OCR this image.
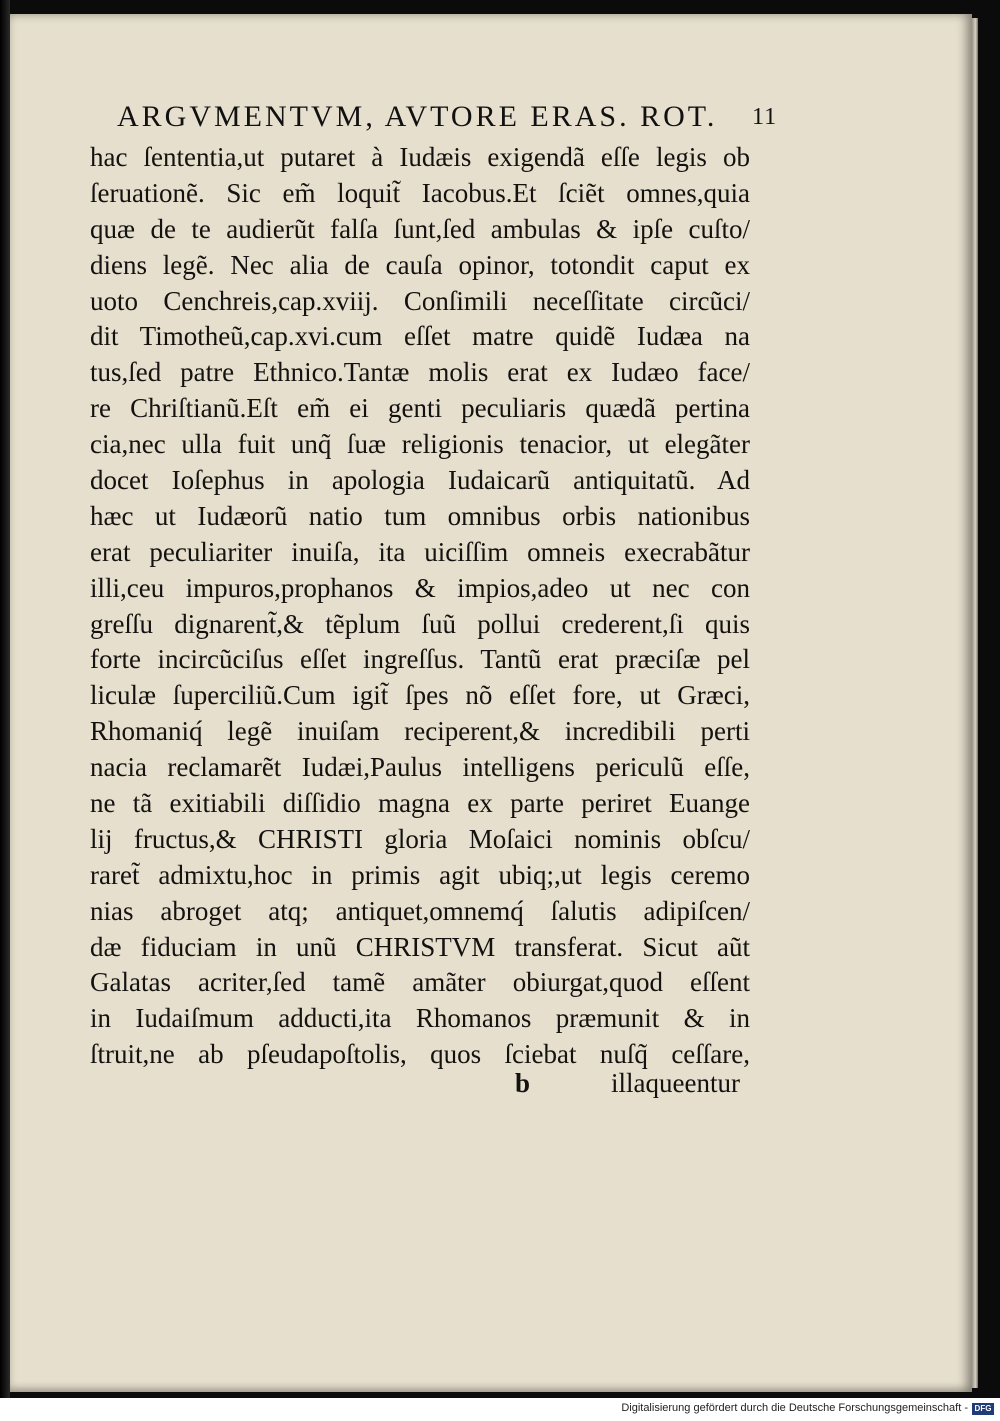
ARGVMENTVM, AVTORE ERAS. ROT. 11
hac ſententia,ut putaret à Iudæis exigendã eſſe legis ob
ſeruationẽ. Sic em̃ loquit̃ Iacobus.Et ſciẽt omnes,quia
quæ de te audierũt falſa ſunt,ſed ambulas & ipſe cuſto/
diens legẽ. Nec alia de cauſa opinor, totondit caput ex
uoto Cenchreis,cap.xviij. Conſimili neceſſitate circũci/
dit Timotheũ,cap.xvi.cum eſſet matre quidẽ Iudæa na
tus,ſed patre Ethnico.Tantæ molis erat ex Iudæo face/
re Chriſtianũ.Eſt em̃ ei genti peculiaris quædã pertina
cia,nec ulla fuit unq̃ ſuæ religionis tenacior, ut elegãter
docet Ioſephus in apologia Iudaicarũ antiquitatũ. Ad
hæc ut Iudæorũ natio tum omnibus orbis nationibus
erat peculiariter inuiſa, ita uiciſſim omneis execrabãtur
illi,ceu impuros,prophanos & impios,adeo ut nec con
greſſu dignarent̃,& tẽplum ſuũ pollui crederent,ſi quis
forte incircũciſus eſſet ingreſſus. Tantũ erat præciſæ pel
liculæ ſuperciliũ.Cum igit̃ ſpes nõ eſſet fore, ut Græci,
Rhomaniq́ legẽ inuiſam reciperent,& incredibili perti
nacia reclamarẽt Iudæi,Paulus intelligens periculũ eſſe,
ne tã exitiabili diſſidio magna ex parte periret Euange
lij fructus,& CHRISTI gloria Moſaici nominis obſcu/
raret̃ admixtu,hoc in primis agit ubiq;,ut legis ceremo
nias abroget atq; antiquet,omnemq́ ſalutis adipiſcen/
dæ fiduciam in unũ CHRISTVM transferat. Sicut aũt
Galatas acriter,ſed tamẽ amãter obiurgat,quod eſſent
in Iudaiſmum adducti,ita Rhomanos præmunit & in
ſtruit,ne ab pſeudapoſtolis, quos ſciebat nuſq̃ ceſſare,
b	illaqueentur
Digitalisierung gefördert durch die Deutsche Forschungsgemeinschaft - DFG
